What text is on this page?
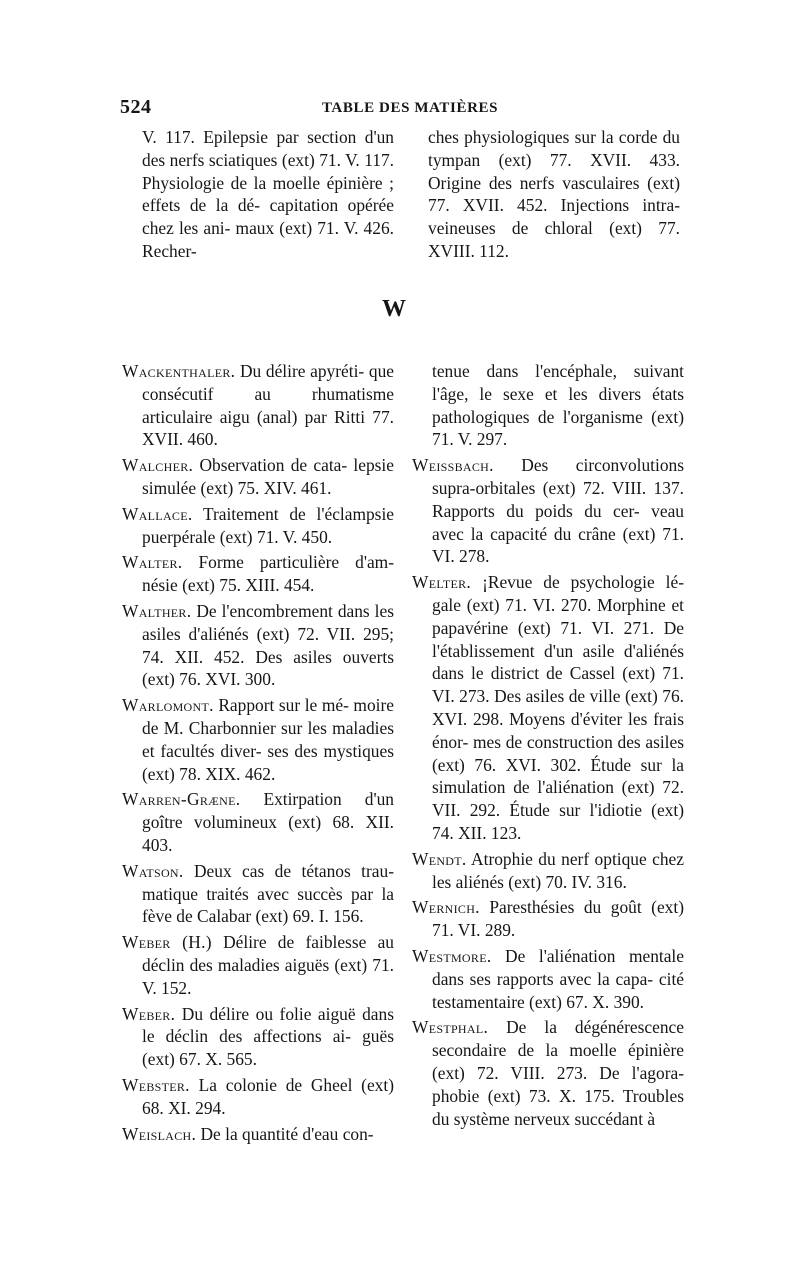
524	TABLE DES MATIÈRES

V. 117. Epilepsie par section d'un des nerfs sciatiques (ext) 71. V. 117. Physiologie de la moelle épinière ; effets de la dé- capitation opérée chez les ani- maux (ext) 71. V. 426. Recher-

ches physiologiques sur la corde du tympan (ext) 77. XVII. 433. Origine des nerfs vasculaires (ext) 77. XVII. 452. Injections intra-veineuses de chloral (ext) 77. XVIII. 112.

W

Wackenthaler. Du délire apyréti- que consécutif au rhumatisme articulaire aigu (anal) par Ritti 77. XVII. 460.

Walcher. Observation de cata- lepsie simulée (ext) 75. XIV. 461.

Wallace. Traitement de l'éclampsie puerpérale (ext) 71. V. 450.

Walter. Forme particulière d'am- nésie (ext) 75. XIII. 454.

Walther. De l'encombrement dans les asiles d'aliénés (ext) 72. VII. 295; 74. XII. 452. Des asiles ouverts (ext) 76. XVI. 300.

Warlomont. Rapport sur le mé- moire de M. Charbonnier sur les maladies et facultés diver- ses des mystiques (ext) 78. XIX. 462.

Warren-Græne. Extirpation d'un goître volumineux (ext) 68. XII. 403.

Watson. Deux cas de tétanos trau- matique traités avec succès par la fève de Calabar (ext) 69. I. 156.

Weber (H.) Délire de faiblesse au déclin des maladies aiguës (ext) 71. V. 152.

Weber. Du délire ou folie aiguë dans le déclin des affections ai- guës (ext) 67. X. 565.

Webster. La colonie de Gheel (ext) 68. XI. 294.

Weislach. De la quantité d'eau con-

tenue dans l'encéphale, suivant l'âge, le sexe et les divers états pathologiques de l'organisme (ext) 71. V. 297.

Weissbach. Des circonvolutions supra-orbitales (ext) 72. VIII. 137. Rapports du poids du cer- veau avec la capacité du crâne (ext) 71. VI. 278.

Welter. ¡Revue de psychologie lé- gale (ext) 71. VI. 270. Morphine et papavérine (ext) 71. VI. 271. De l'établissement d'un asile d'aliénés dans le district de Cassel (ext) 71. VI. 273. Des asiles de ville (ext) 76. XVI. 298. Moyens d'éviter les frais énor- mes de construction des asiles (ext) 76. XVI. 302. Étude sur la simulation de l'aliénation (ext) 72. VII. 292. Étude sur l'idiotie (ext) 74. XII. 123.

Wendt. Atrophie du nerf optique chez les aliénés (ext) 70. IV. 316.

Wernich. Paresthésies du goût (ext) 71. VI. 289.

Westmore. De l'aliénation mentale dans ses rapports avec la capa- cité testamentaire (ext) 67. X. 390.

Westphal. De la dégénérescence secondaire de la moelle épinière (ext) 72. VIII. 273. De l'agora- phobie (ext) 73. X. 175. Troubles du système nerveux succédant à
